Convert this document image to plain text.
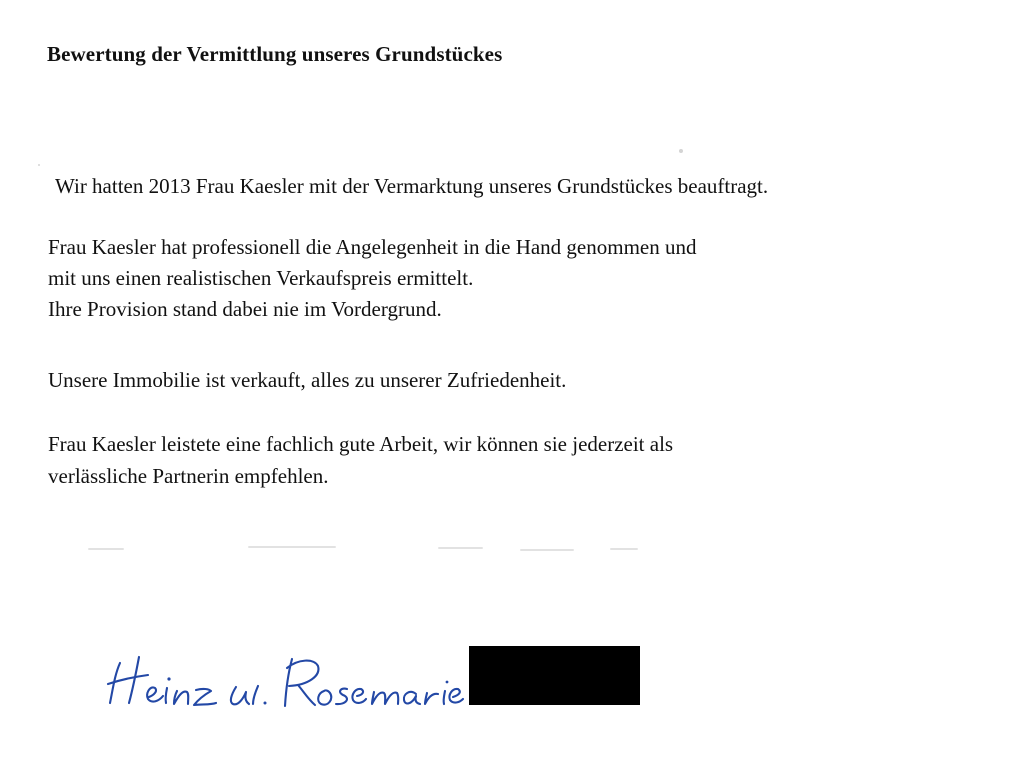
Bewertung der Vermittlung unseres Grundstückes
Wir hatten 2013 Frau Kaesler mit der Vermarktung unseres Grundstückes beauftragt.
Frau Kaesler hat professionell die Angelegenheit in die Hand genommen und
mit uns einen realistischen Verkaufspreis ermittelt.
Ihre Provision stand dabei nie im Vordergrund.
Unsere Immobilie ist verkauft, alles zu unserer Zufriedenheit.
Frau Kaesler leistete eine fachlich gute Arbeit, wir können sie jederzeit als
verlässliche Partnerin empfehlen.
